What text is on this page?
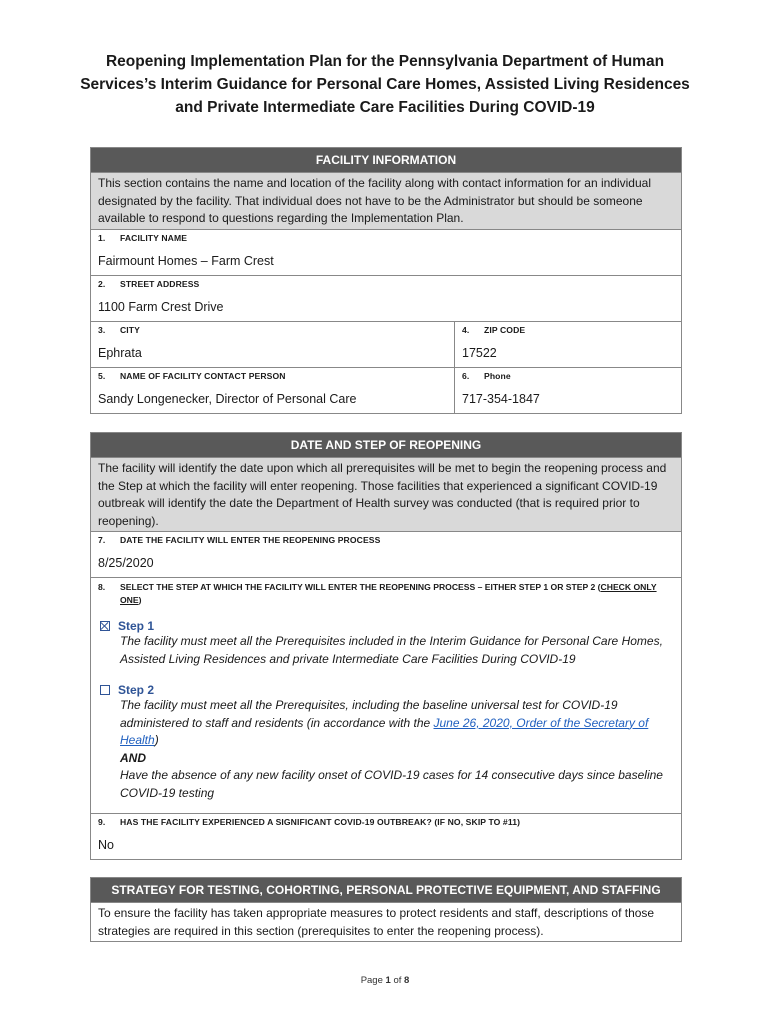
Reopening Implementation Plan for the Pennsylvania Department of Human
Services’s Interim Guidance for Personal Care Homes, Assisted Living Residences
and Private Intermediate Care Facilities During COVID-19
FACILITY INFORMATION
This section contains the name and location of the facility along with contact information for an individual designated by the facility. That individual does not have to be the Administrator but should be someone available to respond to questions regarding the Implementation Plan.
1. FACILITY NAME
Fairmount Homes – Farm Crest
2. STREET ADDRESS
1100 Farm Crest Drive
3. CITY
Ephrata
4. ZIP CODE
17522
5. NAME OF FACILITY CONTACT PERSON
Sandy Longenecker, Director of Personal Care
6. Phone
717-354-1847
DATE AND STEP OF REOPENING
The facility will identify the date upon which all prerequisites will be met to begin the reopening process and the Step at which the facility will enter reopening. Those facilities that experienced a significant COVID-19 outbreak will identify the date the Department of Health survey was conducted (that is required prior to reopening).
7. DATE THE FACILITY WILL ENTER THE REOPENING PROCESS
8/25/2020
8.	SELECT THE STEP AT WHICH THE FACILITY WILL ENTER THE REOPENING PROCESS – EITHER STEP 1 OR STEP 2 (CHECK ONLY ONE)
Step 1
The facility must meet all the Prerequisites included in the Interim Guidance for Personal Care Homes, Assisted Living Residences and private Intermediate Care Facilities During COVID-19
Step 2
The facility must meet all the Prerequisites, including the baseline universal test for COVID-19 administered to staff and residents (in accordance with the June 26, 2020, Order of the Secretary of Health)
AND
Have the absence of any new facility onset of COVID-19 cases for 14 consecutive days since baseline COVID-19 testing
9. HAS THE FACILITY EXPERIENCED A SIGNIFICANT COVID-19 OUTBREAK? (IF NO, SKIP TO #11)
No
STRATEGY FOR TESTING, COHORTING, PERSONAL PROTECTIVE EQUIPMENT, AND STAFFING
To ensure the facility has taken appropriate measures to protect residents and staff, descriptions of those strategies are required in this section (prerequisites to enter the reopening process).
Page 1 of 8
